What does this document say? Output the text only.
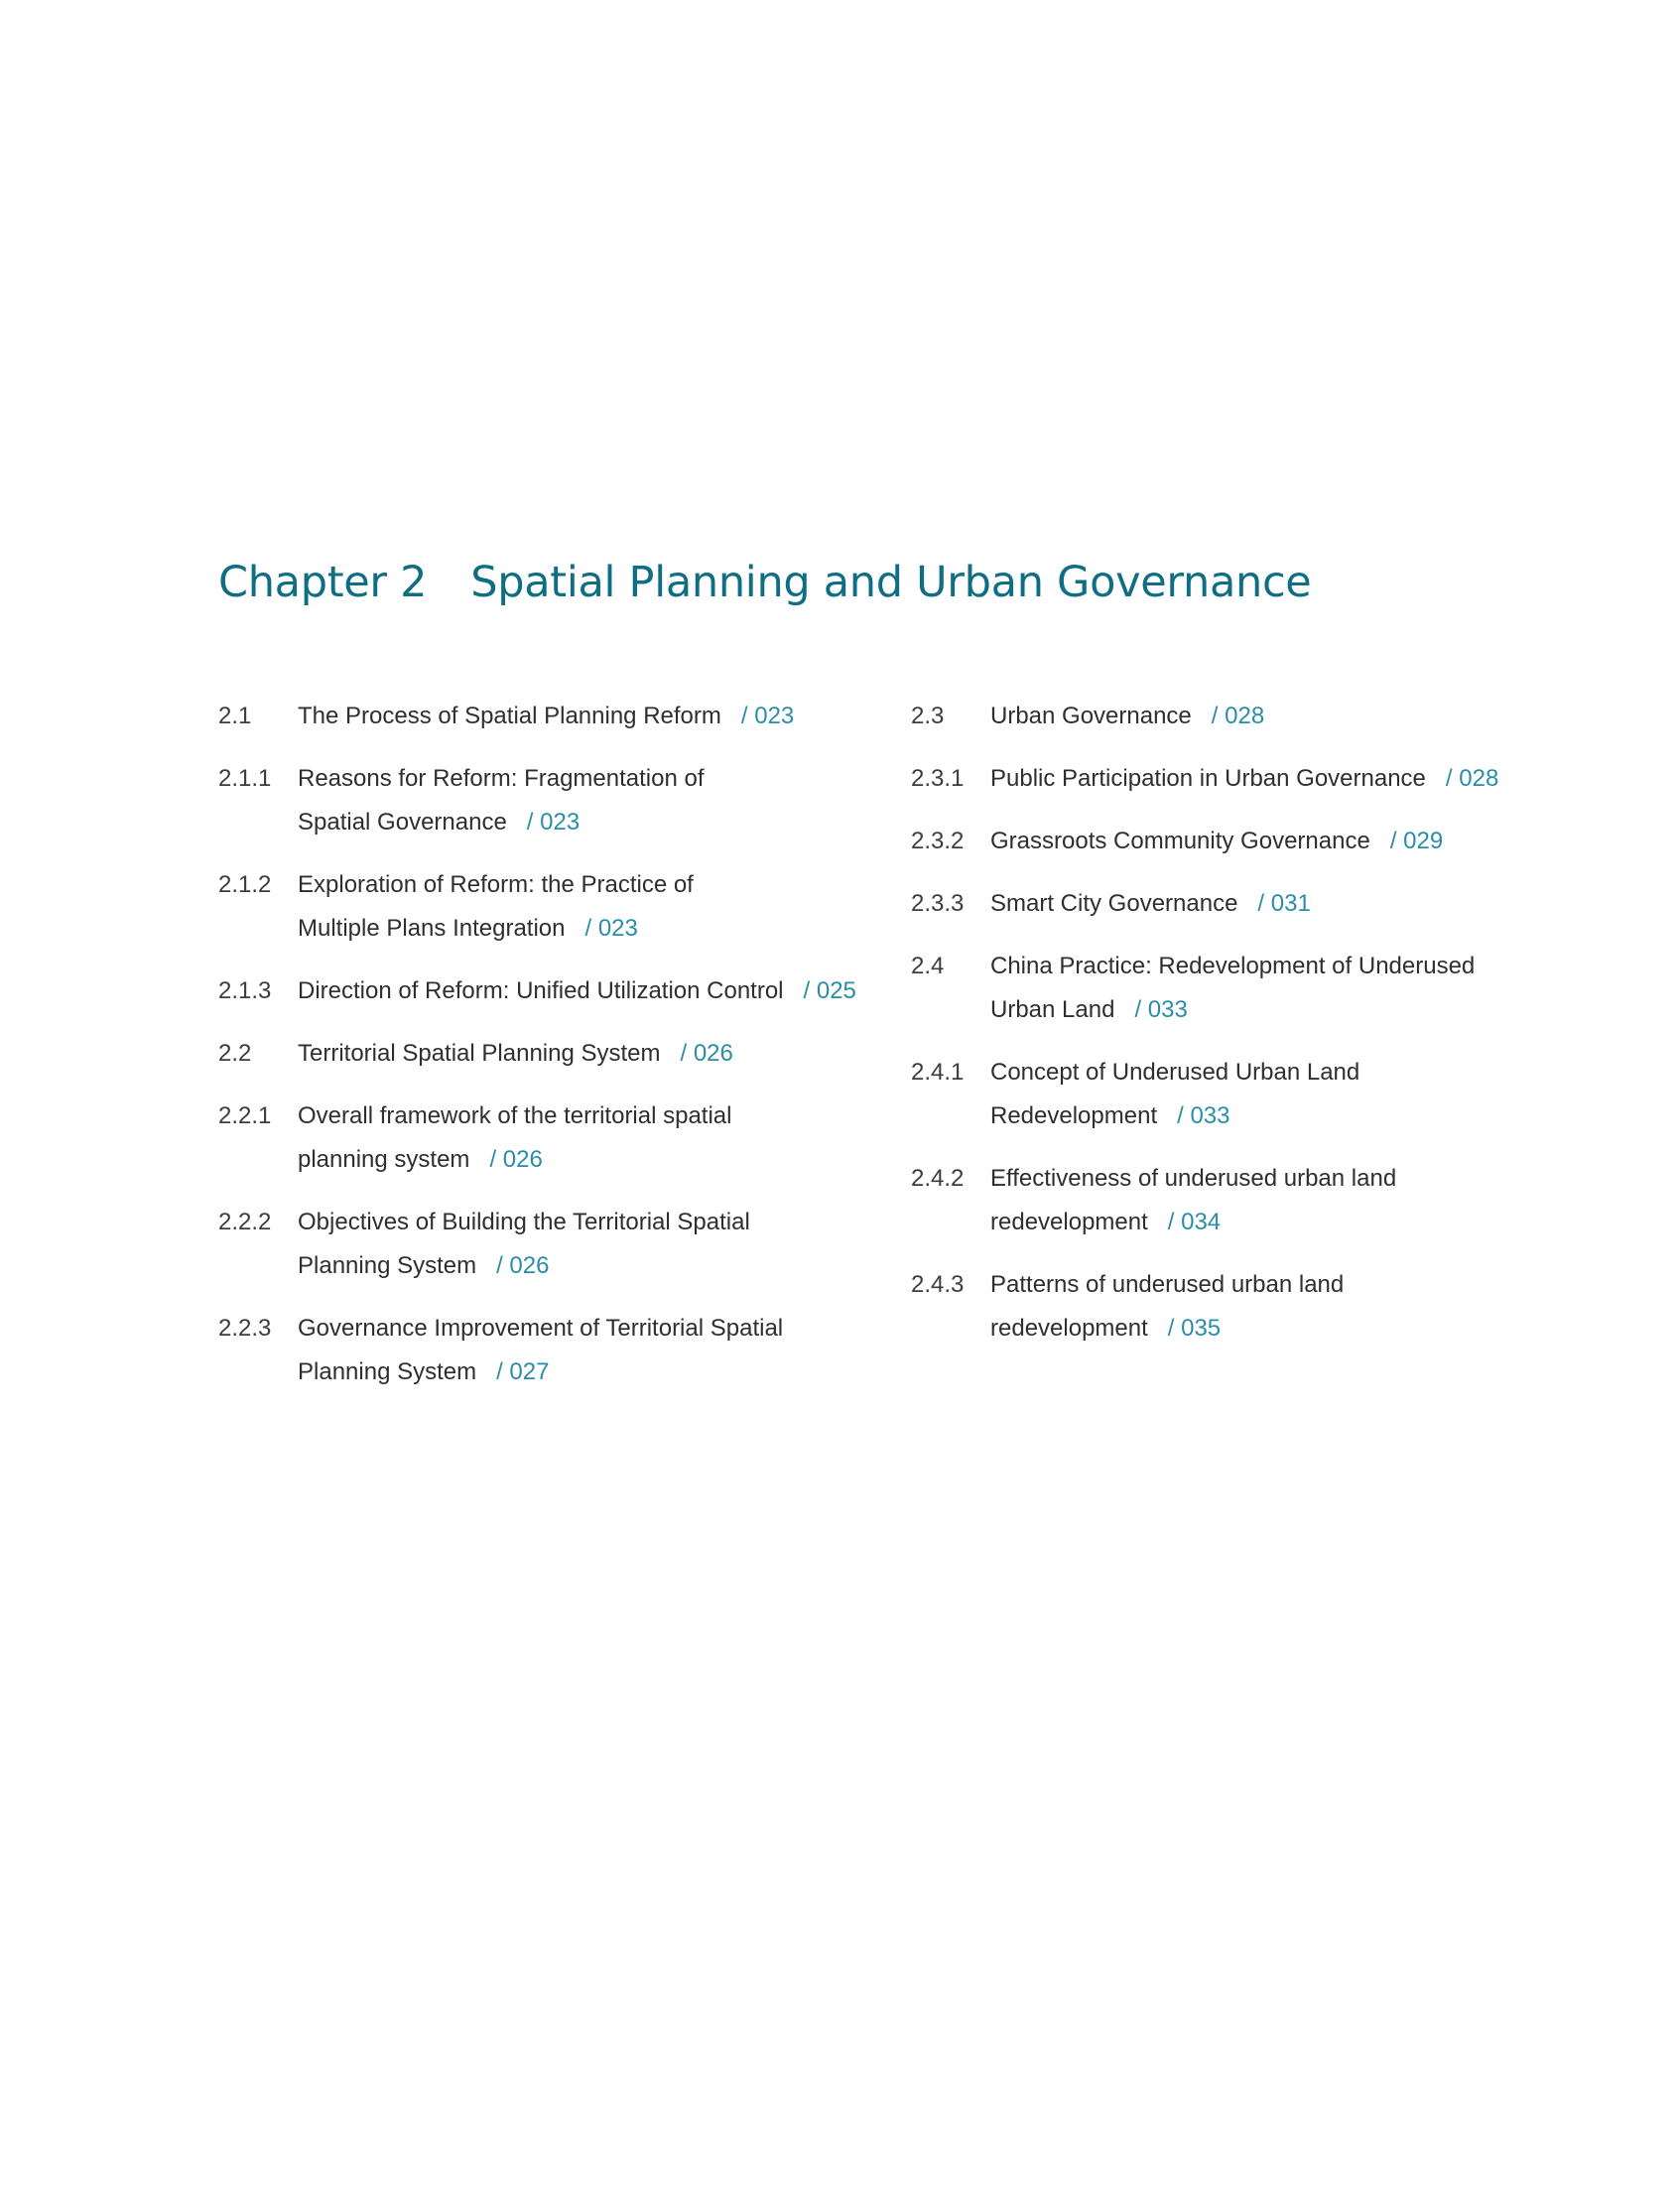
Chapter 2 Spatial Planning and Urban Governance
2.1	The Process of Spatial Planning Reform / 023
2.1.1	Reasons for Reform: Fragmentation of
Spatial Governance / 023
2.1.2	Exploration of Reform: the Practice of
Multiple Plans Integration / 023
2.1.3	Direction of Reform: Unified Utilization Control / 025
2.2	Territorial Spatial Planning System / 026
2.2.1	Overall framework of the territorial spatial
planning system / 026
2.2.2	Objectives of Building the Territorial Spatial
Planning System / 026
2.2.3	Governance Improvement of Territorial Spatial
Planning System / 027
2.3	Urban Governance / 028
2.3.1	Public Participation in Urban Governance / 028
2.3.2	Grassroots Community Governance / 029
2.3.3	Smart City Governance / 031
2.4	China Practice: Redevelopment of Underused
Urban Land / 033
2.4.1	Concept of Underused Urban Land
Redevelopment / 033
2.4.2	Effectiveness of underused urban land
redevelopment / 034
2.4.3	Patterns of underused urban land
redevelopment / 035
